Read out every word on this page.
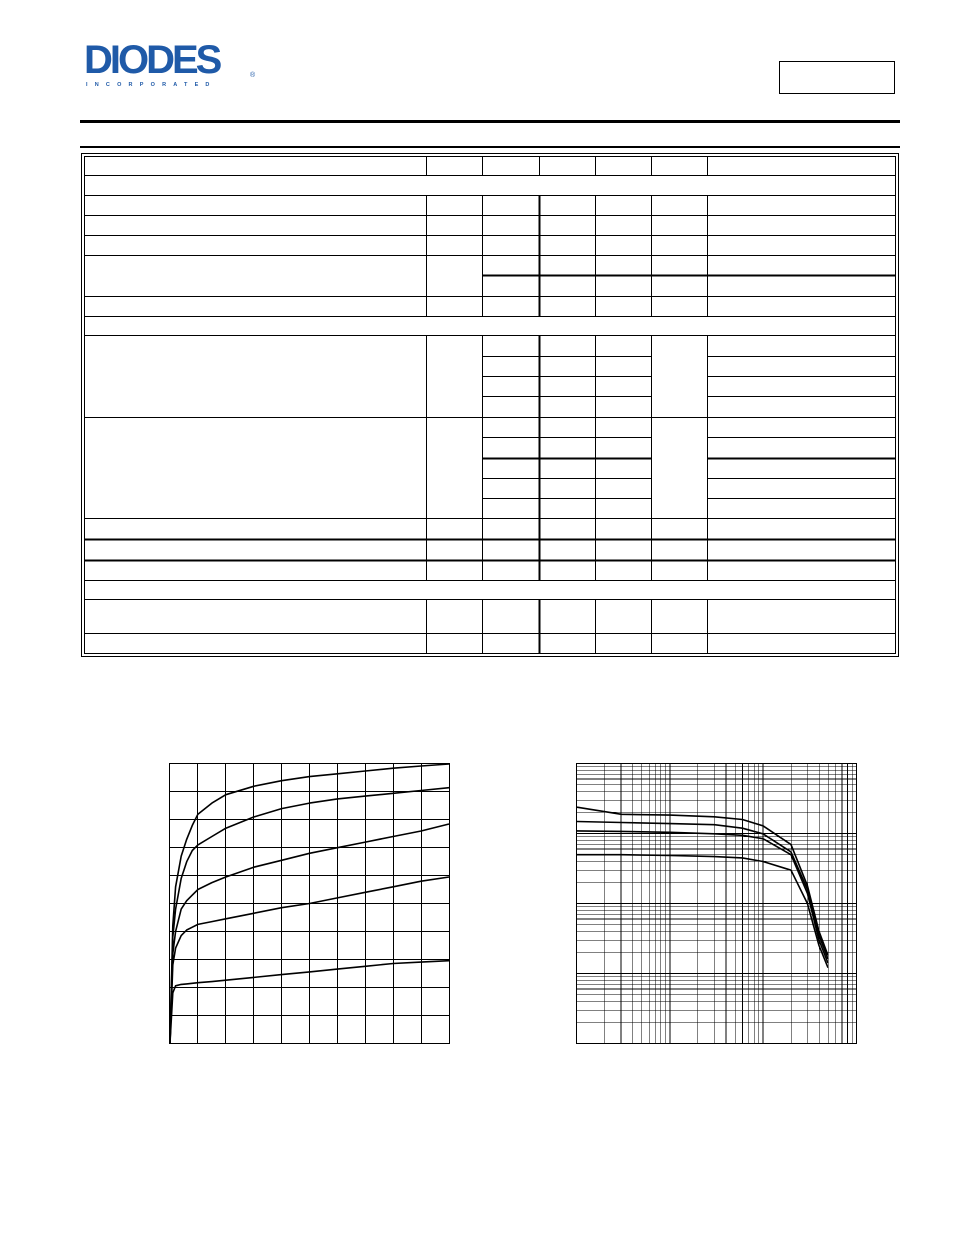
DIODES	®
INCORPORATED
